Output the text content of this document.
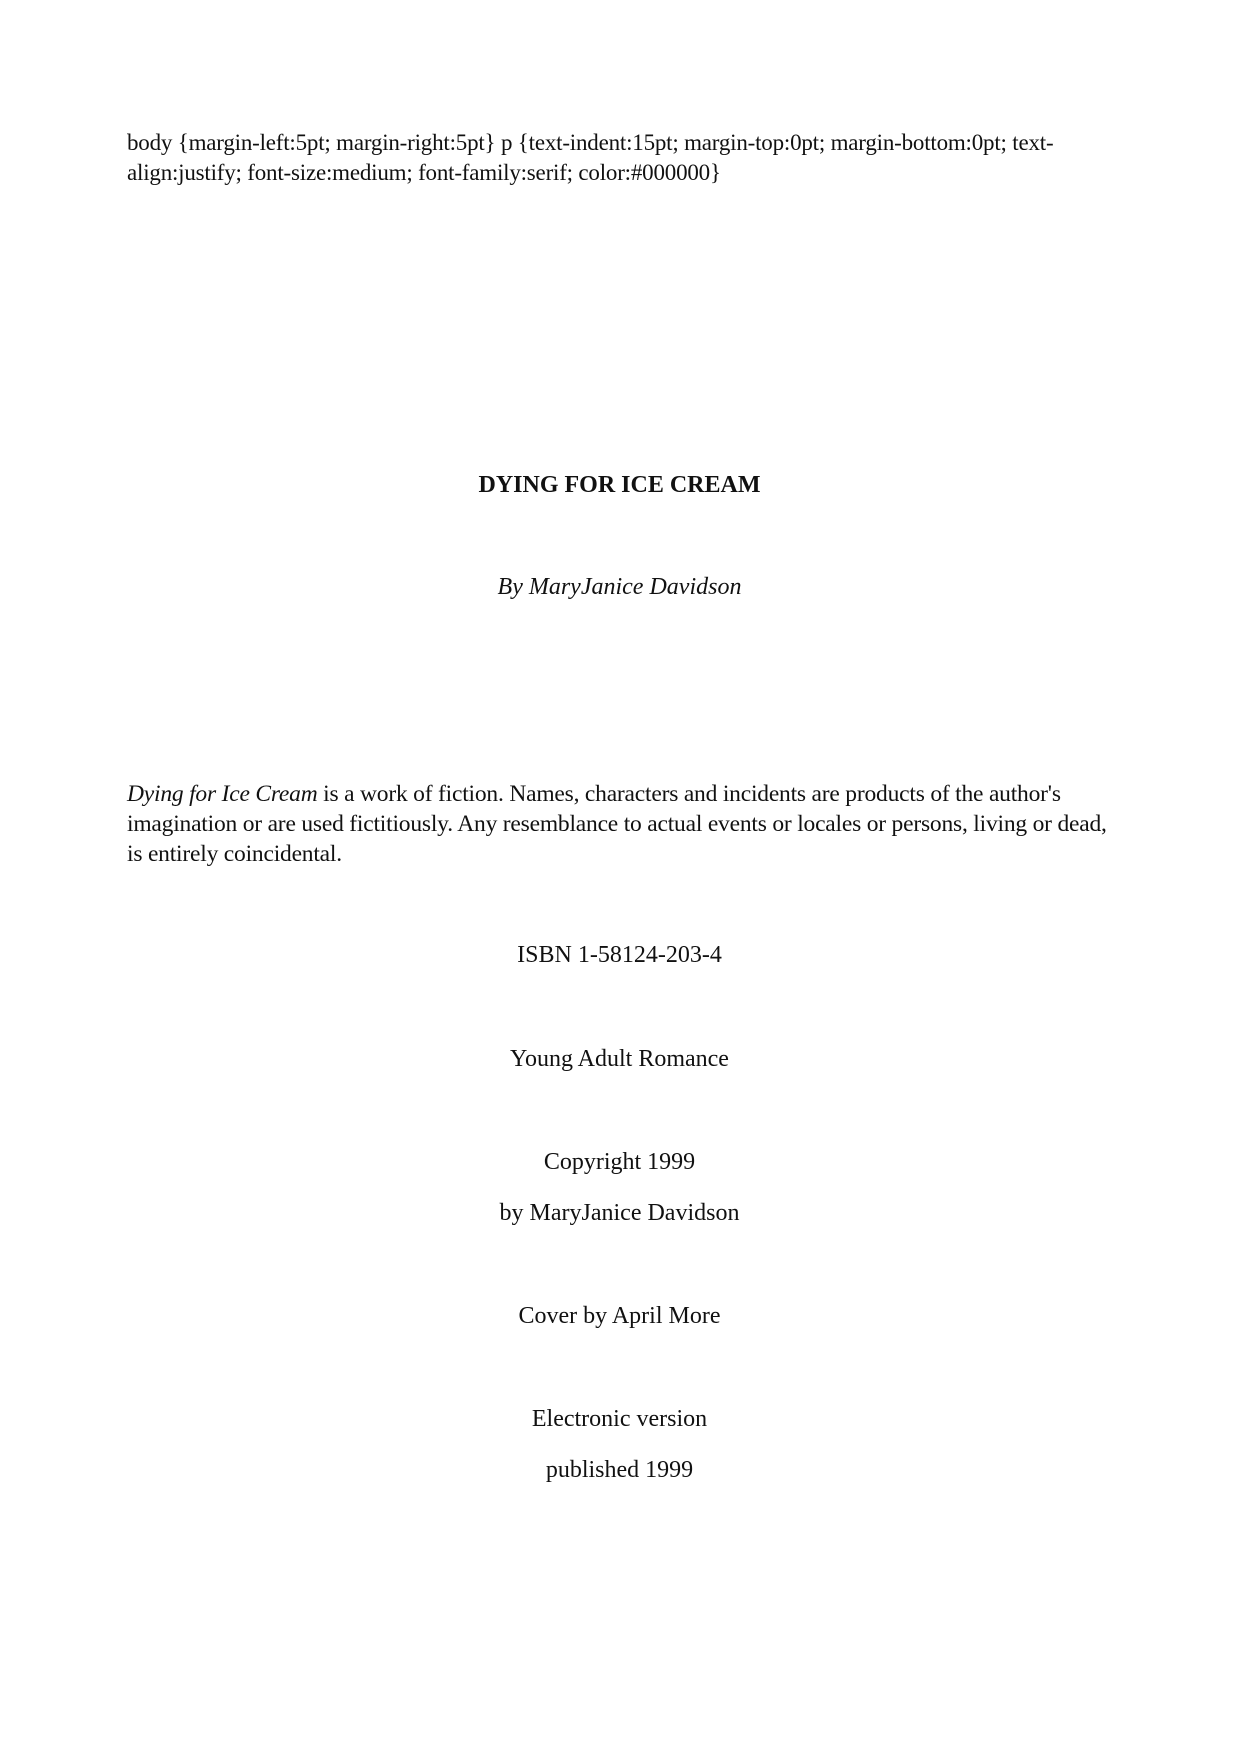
body {margin-left:5pt; margin-right:5pt} p {text-indent:15pt; margin-top:0pt; margin-bottom:0pt; text-align:justify; font-size:medium; font-family:serif; color:#000000}
DYING FOR ICE CREAM
By MaryJanice Davidson
Dying for Ice Cream is a work of fiction. Names, characters and incidents are products of the author's imagination or are used fictitiously. Any resemblance to actual events or locales or persons, living or dead, is entirely coincidental.
ISBN 1-58124-203-4
Young Adult Romance
Copyright 1999
by MaryJanice Davidson
Cover by April More
Electronic version
published 1999
